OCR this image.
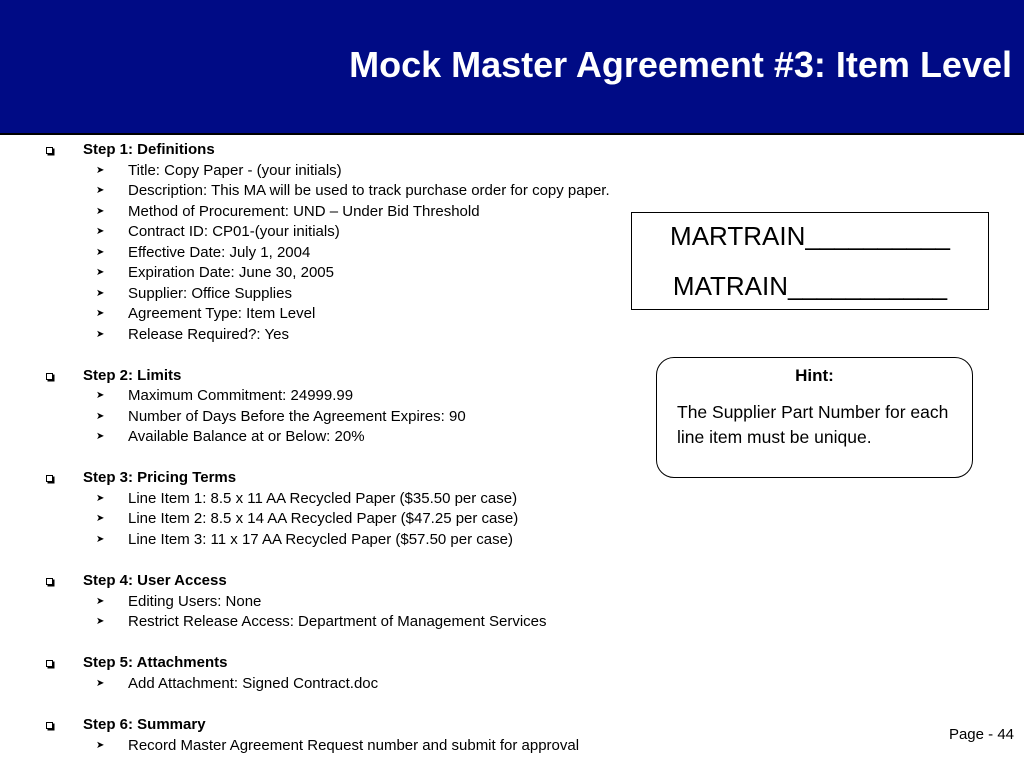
Mock Master Agreement #3: Item Level
Step 1: Definitions
➤ Title: Copy Paper - (your initials)
➤ Description: This MA will be used to track purchase order for copy paper.
➤ Method of Procurement: UND – Under Bid Threshold
➤ Contract ID: CP01-(your initials)
➤ Effective Date: July 1, 2004
➤ Expiration Date: June 30, 2005
➤ Supplier: Office Supplies
➤ Agreement Type: Item Level
➤ Release Required?: Yes
Step 2: Limits
➤ Maximum Commitment: 24999.99
➤ Number of Days Before the Agreement Expires: 90
➤ Available Balance at or Below: 20%
Step 3: Pricing Terms
➤ Line Item 1: 8.5 x 11 AA Recycled Paper ($35.50 per case)
➤ Line Item 2: 8.5 x 14 AA Recycled Paper ($47.25 per case)
➤ Line Item 3: 11 x 17 AA Recycled Paper ($57.50 per case)
Step 4: User Access
➤ Editing Users: None
➤ Restrict Release Access: Department of Management Services
Step 5: Attachments
➤ Add Attachment: Signed Contract.doc
Step 6: Summary
➤ Record Master Agreement Request number and submit for approval
MARTRAIN__________
MATRAIN___________
Hint:

The Supplier Part Number for each line item must be unique.

Page - 44
